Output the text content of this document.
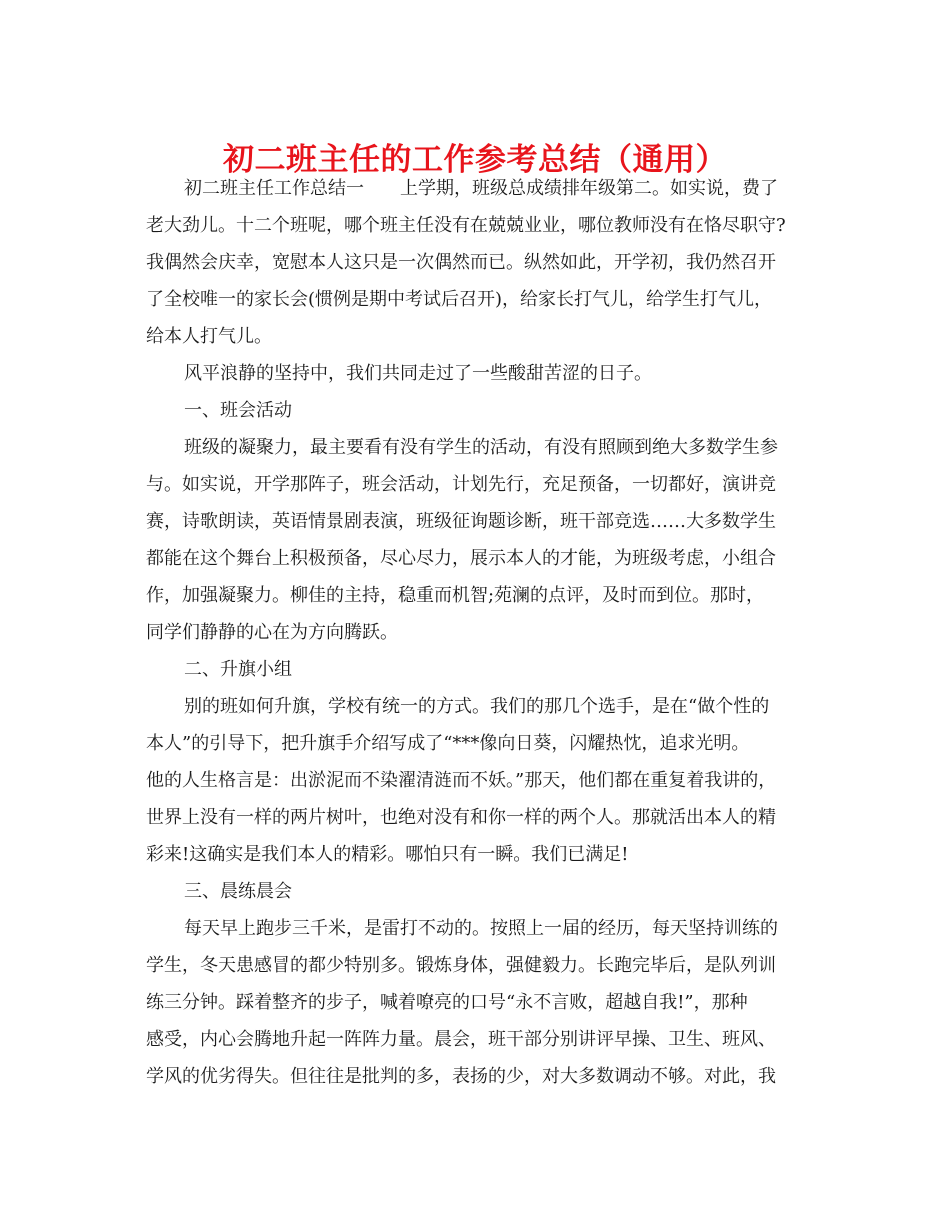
初二班主任的工作参考总结（通用）
初二班主任工作总结一　　上学期，班级总成绩排年级第二。如实说，费了
老大劲儿。十二个班呢，哪个班主任没有在兢兢业业，哪位教师没有在恪尽职守?
我偶然会庆幸，宽慰本人这只是一次偶然而已。纵然如此，开学初，我仍然召开
了全校唯一的家长会(惯例是期中考试后召开)，给家长打气儿，给学生打气儿，
给本人打气儿。
风平浪静的坚持中，我们共同走过了一些酸甜苦涩的日子。
一、班会活动
班级的凝聚力，最主要看有没有学生的活动，有没有照顾到绝大多数学生参
与。如实说，开学那阵子，班会活动，计划先行，充足预备，一切都好，演讲竞
赛，诗歌朗读，英语情景剧表演，班级征询题诊断，班干部竞选……大多数学生
都能在这个舞台上积极预备，尽心尽力，展示本人的才能，为班级考虑，小组合
作，加强凝聚力。柳佳的主持，稳重而机智;苑澜的点评，及时而到位。那时，
同学们静静的心在为方向腾跃。
二、升旗小组
别的班如何升旗，学校有统一的方式。我们的那几个选手，是在“做个性的
本人”的引导下，把升旗手介绍写成了“***像向日葵，闪耀热忱，追求光明。
他的人生格言是：出淤泥而不染濯清涟而不妖。”那天，他们都在重复着我讲的，
世界上没有一样的两片树叶，也绝对没有和你一样的两个人。那就活出本人的精
彩来!这确实是我们本人的精彩。哪怕只有一瞬。我们已满足!
三、晨练晨会
每天早上跑步三千米，是雷打不动的。按照上一届的经历，每天坚持训练的
学生，冬天患感冒的都少特别多。锻炼身体，强健毅力。长跑完毕后，是队列训
练三分钟。踩着整齐的步子，喊着嘹亮的口号“永不言败，超越自我!”，那种
感受，内心会腾地升起一阵阵力量。晨会，班干部分别讲评早操、卫生、班风、
学风的优劣得失。但往往是批判的多，表扬的少，对大多数调动不够。对此，我
